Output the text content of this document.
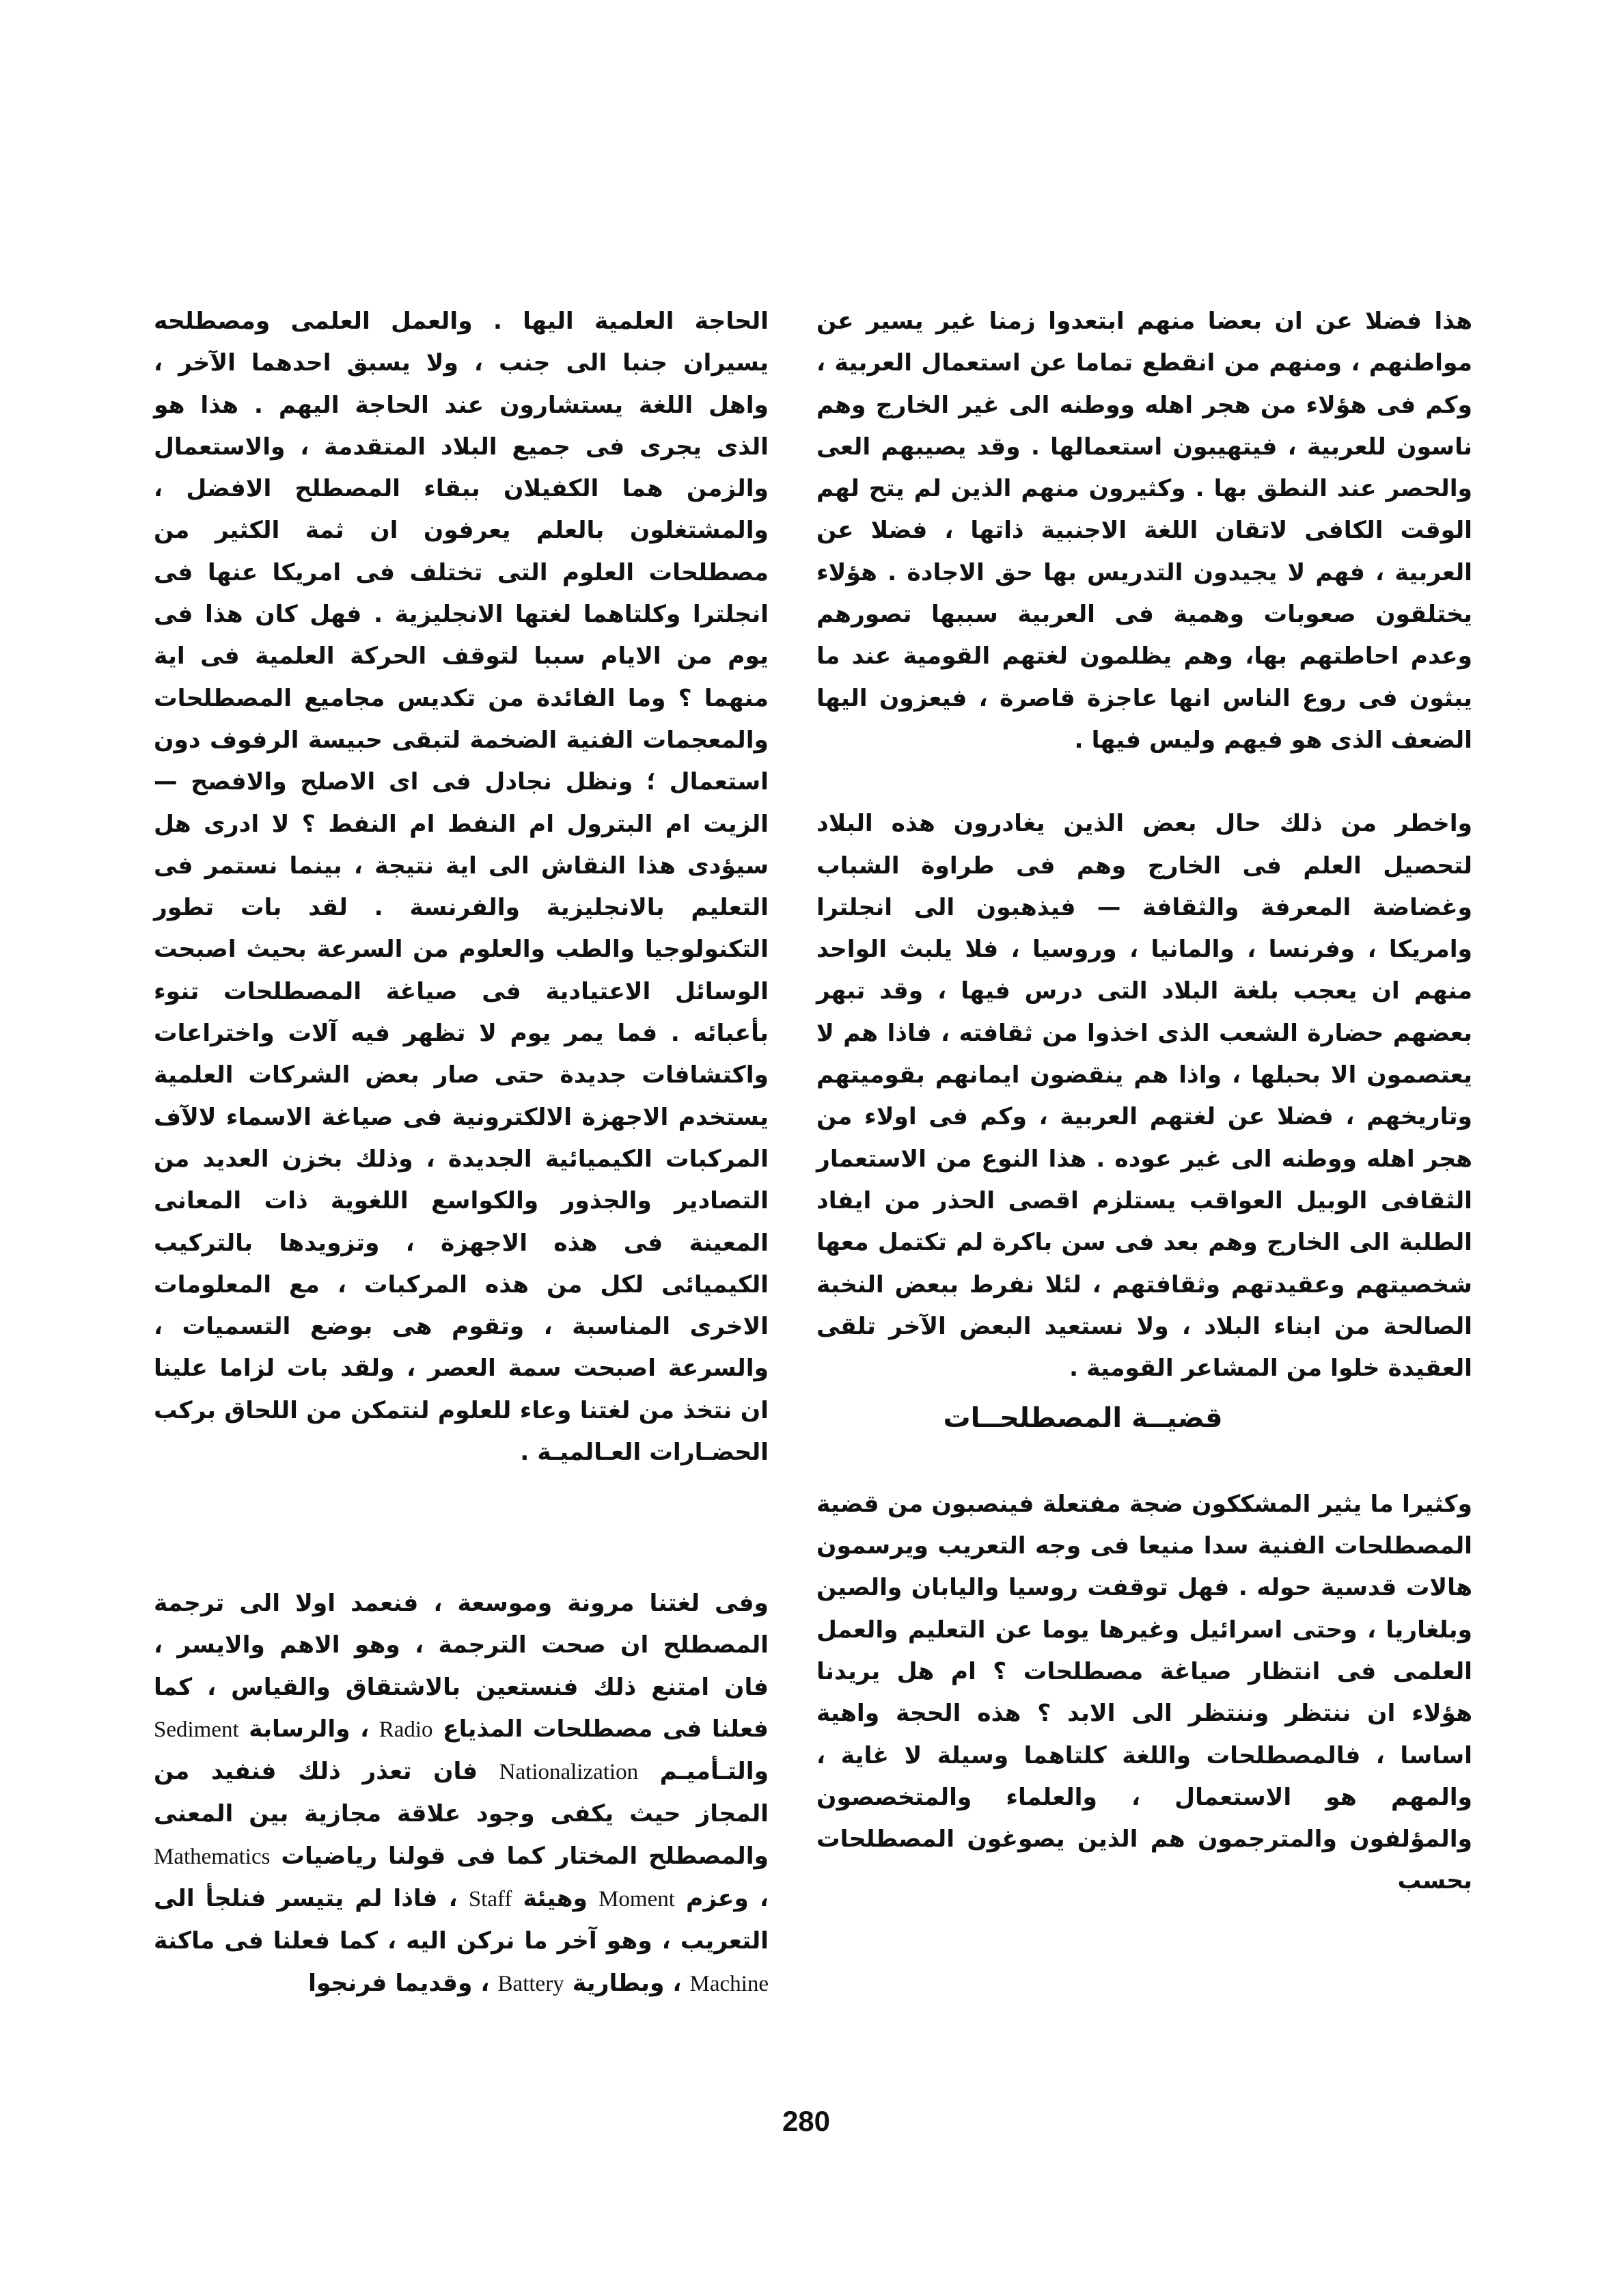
هذا فضلا عن ان بعضا منهم ابتعدوا زمنا غير يسير عن مواطنهم ، ومنهم من انقطع تماما عن استعمال العربية ، وكم فى هؤلاء من هجر اهله ووطنه الى غير الخارج وهم ناسون للعربية ، فيتهيبون استعمالها . وقد يصيبهم العى والحصر عند النطق بها . وكثيرون منهم الذين لم يتح لهم الوقت الكافى لاتقان اللغة الاجنبية ذاتها ، فضلا عن العربية ، فهم لا يجيدون التدريس بها حق الاجادة . هؤلاء يختلقون صعوبات وهمية فى العربية سببها تصورهم وعدم احاطتهم بها، وهم يظلمون لغتهم القومية عند ما يبثون فى روع الناس انها عاجزة قاصرة ، فيعزون اليها الضعف الذى هو فيهم وليس فيها .

واخطر من ذلك حال بعض الذين يغادرون هذه البلاد لتحصيل العلم فى الخارج وهم فى طراوة الشباب وغضاضة المعرفة والثقافة — فيذهبون الى انجلترا وامريكا ، وفرنسا ، والمانيا ، وروسيا ، فلا يلبث الواحد منهم ان يعجب بلغة البلاد التى درس فيها ، وقد تبهر بعضهم حضارة الشعب الذى اخذوا من ثقافته ، فاذا هم لا يعتصمون الا بحبلها ، واذا هم ينقضون ايمانهم بقوميتهم وتاريخهم ، فضلا عن لغتهم العربية ، وكم فى اولاء من هجر اهله ووطنه الى غير عوده . هذا النوع من الاستعمار الثقافى الوبيل العواقب يستلزم اقصى الحذر من ايفاد الطلبة الى الخارج وهم بعد فى سن باكرة لم تكتمل معها شخصيتهم وعقيدتهم وثقافتهم ، لئلا نفرط ببعض النخبة الصالحة من ابناء البلاد ، ولا نستعيد البعض الآخر تلقى العقيدة خلوا من المشاعر القومية .

قضيــة المصطلحــات

وكثيرا ما يثير المشككون ضجة مفتعلة فينصبون من قضية المصطلحات الفنية سدا منيعا فى وجه التعريب ويرسمون هالات قدسية حوله . فهل توقفت روسيا واليابان والصين وبلغاريا ، وحتى اسرائيل وغيرها يوما عن التعليم والعمل العلمى فى انتظار صياغة مصطلحات ؟ ام هل يريدنا هؤلاء ان ننتظر وننتظر الى الابد ؟ هذه الحجة واهية اساسا ، فالمصطلحات واللغة كلتاهما وسيلة لا غاية ، والمهم هو الاستعمال ، والعلماء والمتخصصون والمؤلفون والمترجمون هم الذين يصوغون المصطلحات بحسب

الحاجة العلمية اليها . والعمل العلمى ومصطلحه يسيران جنبا الى جنب ، ولا يسبق احدهما الآخر ، واهل اللغة يستشارون عند الحاجة اليهم . هذا هو الذى يجرى فى جميع البلاد المتقدمة ، والاستعمال والزمن هما الكفيلان ببقاء المصطلح الافضل ، والمشتغلون بالعلم يعرفون ان ثمة الكثير من مصطلحات العلوم التى تختلف فى امريكا عنها فى انجلترا وكلتاهما لغتها الانجليزية . فهل كان هذا فى يوم من الايام سببا لتوقف الحركة العلمية فى اية منهما ؟ وما الفائدة من تكديس مجاميع المصطلحات والمعجمات الفنية الضخمة لتبقى حبيسة الرفوف دون استعمال ؛ ونظل نجادل فى اى الاصلح والافصح — الزيت ام البترول ام النفط ام النفط ؟ لا ادرى هل سيؤدى هذا النقاش الى اية نتيجة ، بينما نستمر فى التعليم بالانجليزية والفرنسة . لقد بات تطور التكنولوجيا والطب والعلوم من السرعة بحيث اصبحت الوسائل الاعتيادية فى صياغة المصطلحات تنوء بأعبائه . فما يمر يوم لا تظهر فيه آلات واختراعات واكتشافات جديدة حتى صار بعض الشركات العلمية يستخدم الاجهزة الالكترونية فى صياغة الاسماء لالآف المركبات الكيميائية الجديدة ، وذلك بخزن العديد من التصادير والجذور والكواسع اللغوية ذات المعانى المعينة فى هذه الاجهزة ، وتزويدها بالتركيب الكيميائى لكل من هذه المركبات ، مع المعلومات الاخرى المناسبة ، وتقوم هى بوضع التسميات ، والسرعة اصبحت سمة العصر ، ولقد بات لزاما علينا ان نتخذ من لغتنا وعاء للعلوم لنتمكن من اللحاق بركب الحضـارات العـالميـة .

وفى لغتنا مرونة وموسعة ، فنعمد اولا الى ترجمة المصطلح ان صحت الترجمة ، وهو الاهم والايسر ، فان امتنع ذلك فنستعين بالاشتقاق والقياس ، كما فعلنا فى مصطلحات المذياع Radio ، والرسابة Sediment والتـأميـم Nationalization فان تعذر ذلك فنفيد من المجاز حيث يكفى وجود علاقة مجازية بين المعنى والمصطلح المختار كما فى قولنا رياضيات Mathematics ، وعزم Moment وهيئة Staff ، فاذا لم يتيسر فنلجأ الى التعريب ، وهو آخر ما نركن اليه ، كما فعلنا فى ماكنة Machine ، وبطارية Battery ، وقديما فرنجوا

280
